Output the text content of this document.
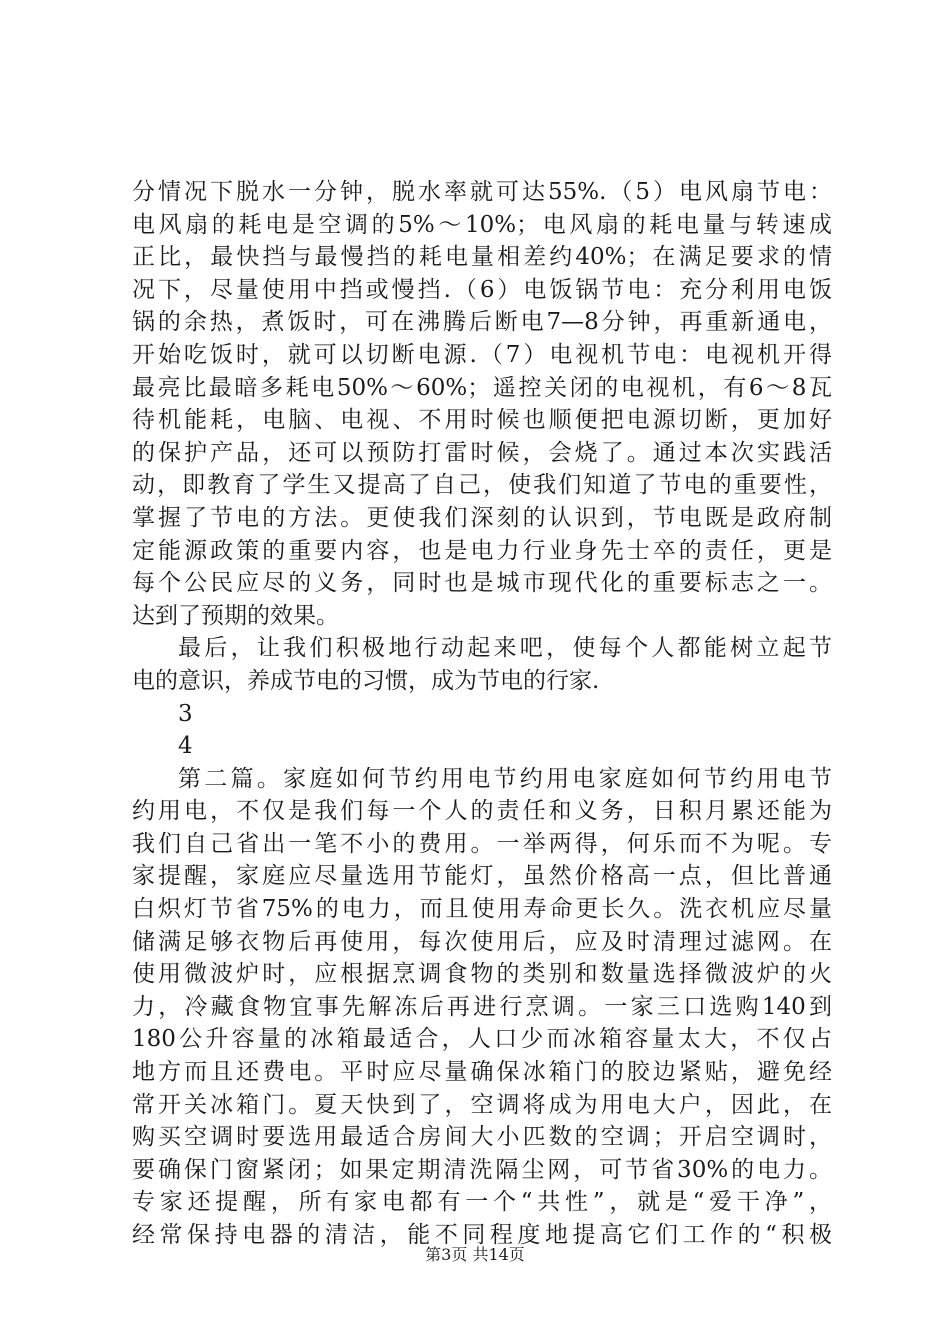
分情况下脱水一分钟，脱水率就可达55%.（5）电风扇节电：
电风扇的耗电是空调的5%～10%；电风扇的耗电量与转速成
正比，最快挡与最慢挡的耗电量相差约40%；在满足要求的情
况下，尽量使用中挡或慢挡.（6）电饭锅节电：充分利用电饭
锅的余热，煮饭时，可在沸腾后断电7—8分钟，再重新通电，
开始吃饭时，就可以切断电源.（7）电视机节电：电视机开得
最亮比最暗多耗电50%～60%；遥控关闭的电视机，有6～8瓦
待机能耗，电脑、电视、不用时候也顺便把电源切断，更加好
的保护产品，还可以预防打雷时候，会烧了。通过本次实践活
动，即教育了学生又提高了自己，使我们知道了节电的重要性，
掌握了节电的方法。更使我们深刻的认识到，节电既是政府制
定能源政策的重要内容，也是电力行业身先士卒的责任，更是
每个公民应尽的义务，同时也是城市现代化的重要标志之一。
达到了预期的效果。
最后，让我们积极地行动起来吧，使每个人都能树立起节
电的意识，养成节电的习惯，成为节电的行家.
3
4
第二篇。家庭如何节约用电节约用电家庭如何节约用电节
约用电，不仅是我们每一个人的责任和义务，日积月累还能为
我们自己省出一笔不小的费用。一举两得，何乐而不为呢。专
家提醒，家庭应尽量选用节能灯，虽然价格高一点，但比普通
白炽灯节省75%的电力，而且使用寿命更长久。洗衣机应尽量
储满足够衣物后再使用，每次使用后，应及时清理过滤网。在
使用微波炉时，应根据烹调食物的类别和数量选择微波炉的火
力，冷藏食物宜事先解冻后再进行烹调。一家三口选购140到
180公升容量的冰箱最适合，人口少而冰箱容量太大，不仅占
地方而且还费电。平时应尽量确保冰箱门的胶边紧贴，避免经
常开关冰箱门。夏天快到了，空调将成为用电大户，因此，在
购买空调时要选用最适合房间大小匹数的空调；开启空调时，
要确保门窗紧闭；如果定期清洗隔尘网，可节省30%的电力。
专家还提醒，所有家电都有一个“共性”，就是“爱干净”，
经常保持电器的清洁，能不同程度地提高它们工作的“积极
第3页 共14页
